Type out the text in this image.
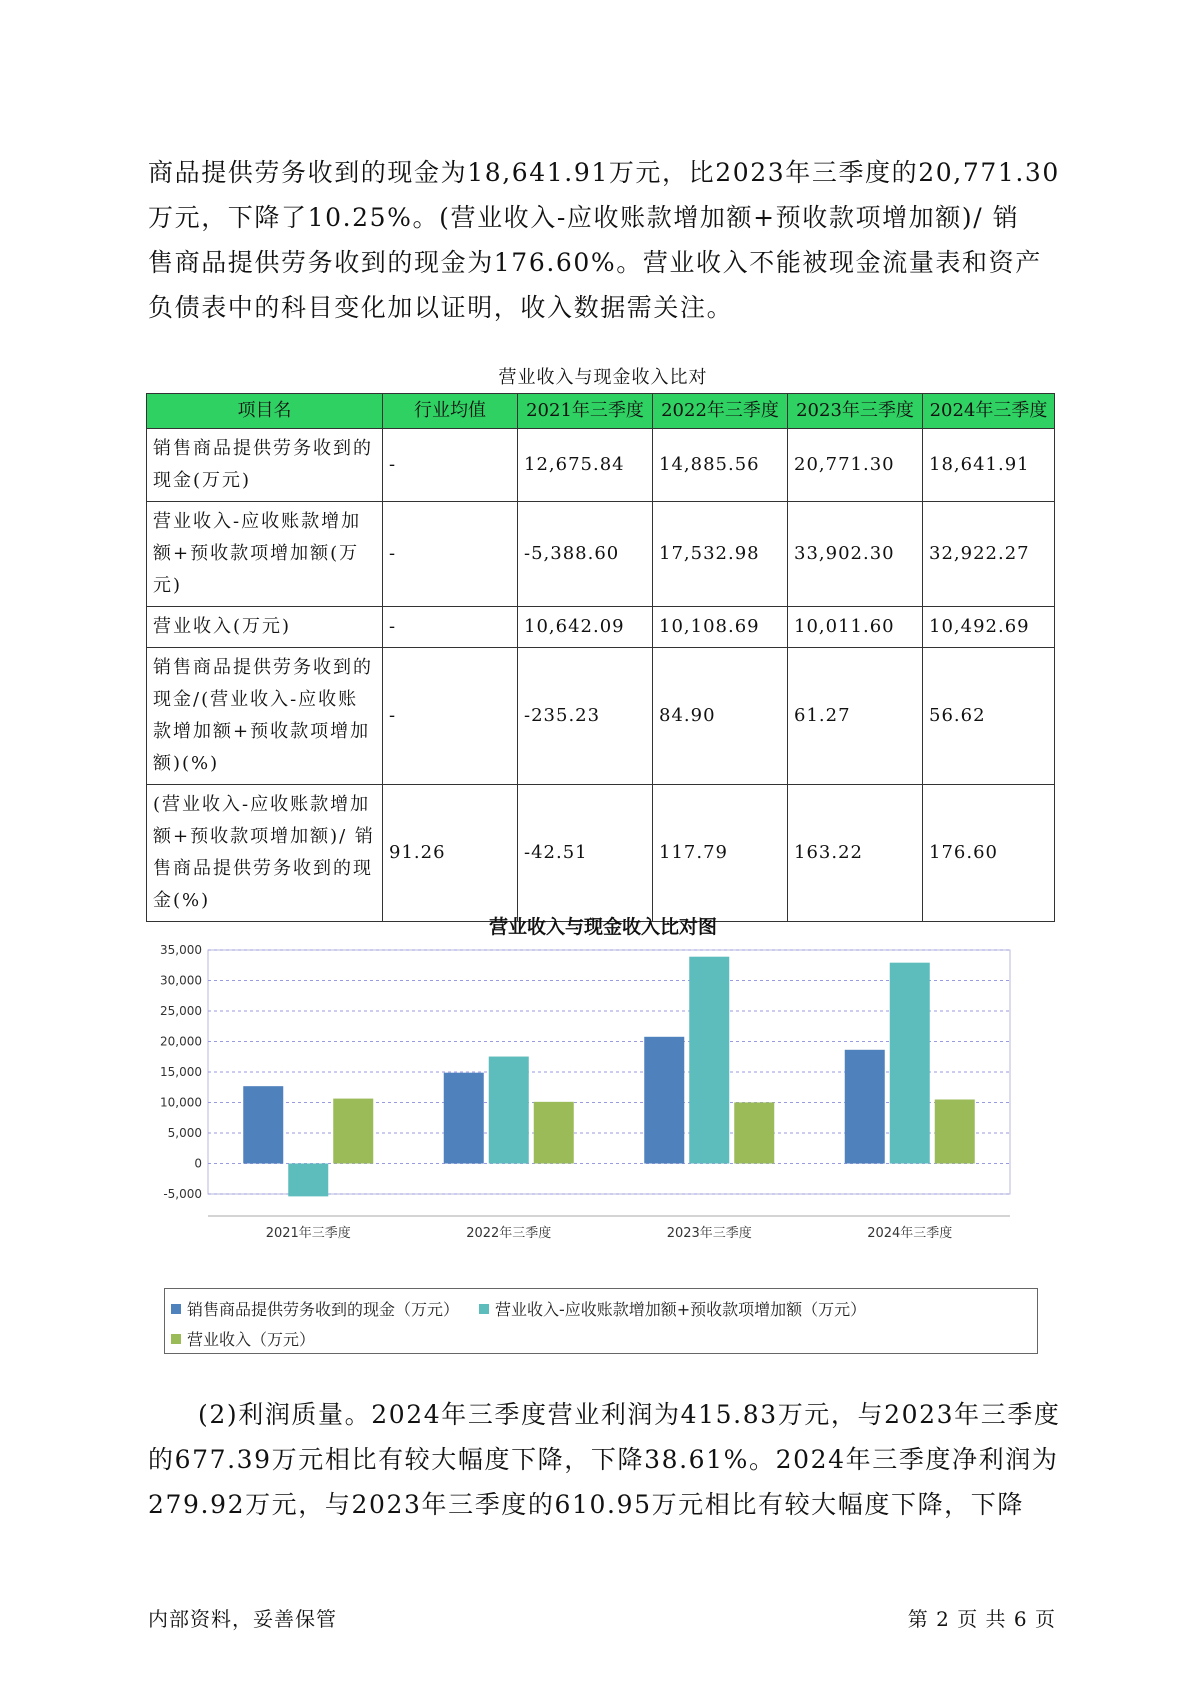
商品提供劳务收到的现金为18,641.91万元，比2023年三季度的20,771.30
万元，下降了10.25%。(营业收入-应收账款增加额+预收款项增加额)/ 销
售商品提供劳务收到的现金为176.60%。营业收入不能被现金流量表和资产
负债表中的科目变化加以证明，收入数据需关注。
营业收入与现金收入比对
项目名	行业均值	2021年三季度	2022年三季度	2023年三季度	2024年三季度
销售商品提供劳务收到的现金(万元)	-	12,675.84	14,885.56	20,771.30	18,641.91
营业收入-应收账款增加额+预收款项增加额(万元)	-	-5,388.60	17,532.98	33,902.30	32,922.27
营业收入(万元)	-	10,642.09	10,108.69	10,011.60	10,492.69
销售商品提供劳务收到的现金/(营业收入-应收账款增加额+预收款项增加额)(%)	-	-235.23	84.90	61.27	56.62
(营业收入-应收账款增加额+预收款项增加额)/ 销售商品提供劳务收到的现金(%)	91.26	-42.51	117.79	163.22	176.60
营业收入与现金收入比对图
-5,000
0
5,000
10,000
15,000
20,000
25,000
30,000
35,000
2021年三季度	2022年三季度	2023年三季度	2024年三季度
销售商品提供劳务收到的现金（万元） 营业收入-应收账款增加额+预收款项增加额（万元）
营业收入（万元）
(2)利润质量。2024年三季度营业利润为415.83万元，与2023年三季度
的677.39万元相比有较大幅度下降，下降38.61%。2024年三季度净利润为
279.92万元，与2023年三季度的610.95万元相比有较大幅度下降，下降
内部资料，妥善保管	第 2 页 共 6 页
